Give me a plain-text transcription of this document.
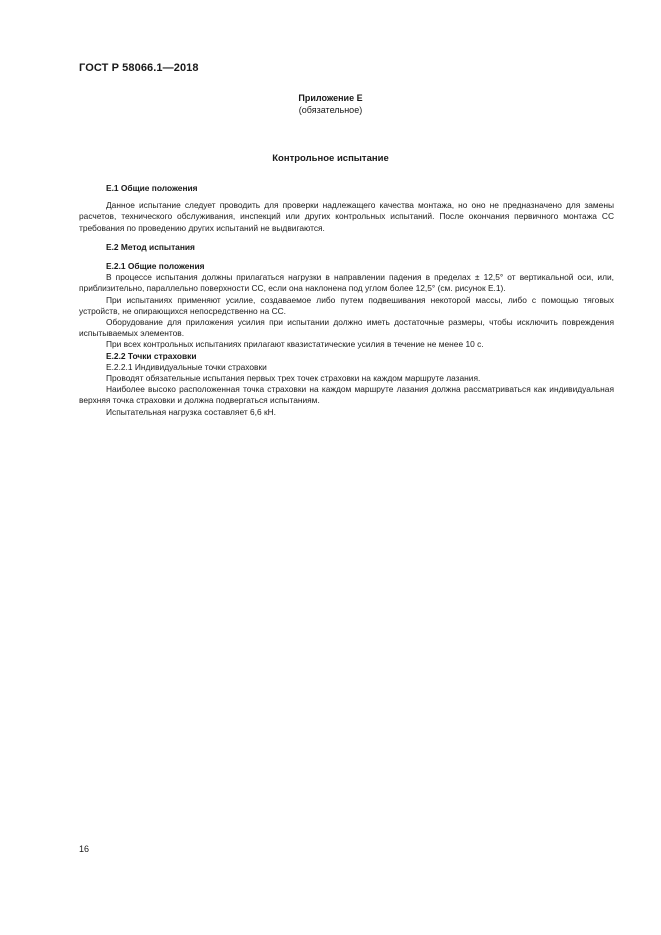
ГОСТ Р 58066.1—2018
Приложение Е
(обязательное)
Контрольное испытание

Е.1 Общие положения

Данное испытание следует проводить для проверки надлежащего качества монтажа, но оно не предназначено для замены расчетов, технического обслуживания, инспекций или других контрольных испытаний. После окончания первичного монтажа СС требования по проведению других испытаний не выдвигаются.

Е.2 Метод испытания

Е.2.1 Общие положения

В процессе испытания должны прилагаться нагрузки в направлении падения в пределах ± 12,5° от вертикальной оси, или, приблизительно, параллельно поверхности СС, если она наклонена под углом более 12,5° (см. рисунок Е.1).

При испытаниях применяют усилие, создаваемое либо путем подвешивания некоторой массы, либо с помощью тяговых устройств, не опирающихся непосредственно на СС.

Оборудование для приложения усилия при испытании должно иметь достаточные размеры, чтобы исключить повреждения испытываемых элементов.

При всех контрольных испытаниях прилагают квазистатические усилия в течение не менее 10 с.

Е.2.2 Точки страховки

Е.2.2.1 Индивидуальные точки страховки

Проводят обязательные испытания первых трех точек страховки на каждом маршруте лазания.

Наиболее высоко расположенная точка страховки на каждом маршруте лазания должна рассматриваться как индивидуальная верхняя точка страховки и должна подвергаться испытаниям.

Испытательная нагрузка составляет 6,6 кН.

16
